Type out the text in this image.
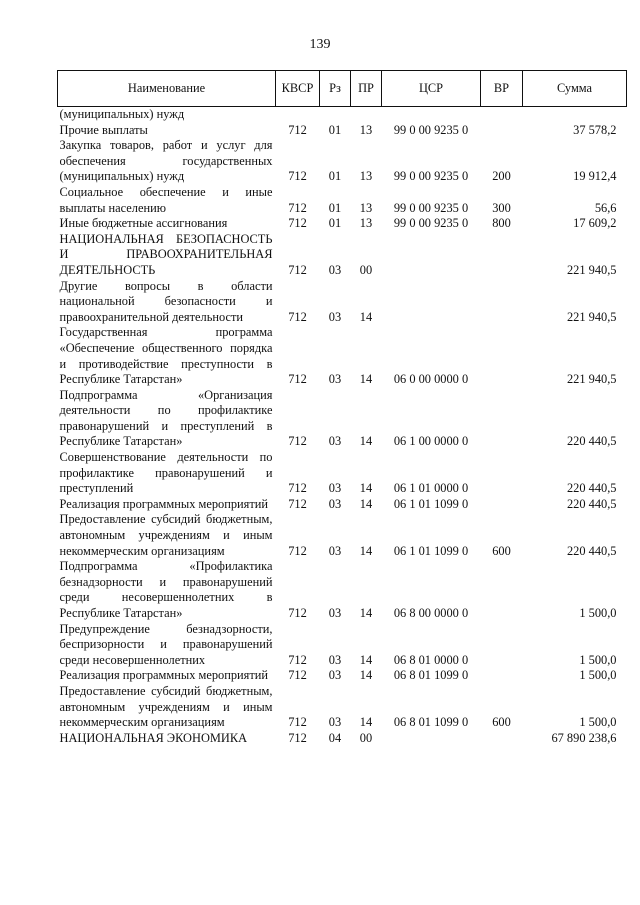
139
Наименование	КВСР	Рз	ПР	ЦСР	ВР	Сумма
(муниципальных) нужд						
Прочие выплаты	712	01	13	99 0 00 9235 0		37 578,2
Закупка товаров, работ и услуг для обеспечения государственных (муниципальных) нужд	712	01	13	99 0 00 9235 0	200	19 912,4
Социальное обеспечение и иные выплаты населению	712	01	13	99 0 00 9235 0	300	56,6
Иные бюджетные ассигнования	712	01	13	99 0 00 9235 0	800	17 609,2
НАЦИОНАЛЬНАЯ БЕЗОПАСНОСТЬ И ПРАВООХРАНИТЕЛЬНАЯ ДЕЯТЕЛЬНОСТЬ	712	03	00			221 940,5
Другие вопросы в области национальной безопасности и правоохранительной деятельности	712	03	14			221 940,5
Государственная программа «Обеспечение общественного порядка и противодействие преступности в Республике Татарстан»	712	03	14	06 0 00 0000 0		221 940,5
Подпрограмма «Организация деятельности по профилактике правонарушений и преступлений в Республике Татарстан»	712	03	14	06 1 00 0000 0		220 440,5
Совершенствование деятельности по профилактике правонарушений и преступлений	712	03	14	06 1 01 0000 0		220 440,5
Реализация программных мероприятий	712	03	14	06 1 01 1099 0		220 440,5
Предоставление субсидий бюджетным, автономным учреждениям и иным некоммерческим организациям	712	03	14	06 1 01 1099 0	600	220 440,5
Подпрограмма «Профилактика безнадзорности и правонарушений среди несовершеннолетних в Республике Татарстан»	712	03	14	06 8 00 0000 0		1 500,0
Предупреждение безнадзорности, беспризорности и правонарушений среди несовершеннолетних	712	03	14	06 8 01 0000 0		1 500,0
Реализация программных мероприятий	712	03	14	06 8 01 1099 0		1 500,0
Предоставление субсидий бюджетным, автономным учреждениям и иным некоммерческим организациям	712	03	14	06 8 01 1099 0	600	1 500,0
НАЦИОНАЛЬНАЯ ЭКОНОМИКА	712	04	00			67 890 238,6
